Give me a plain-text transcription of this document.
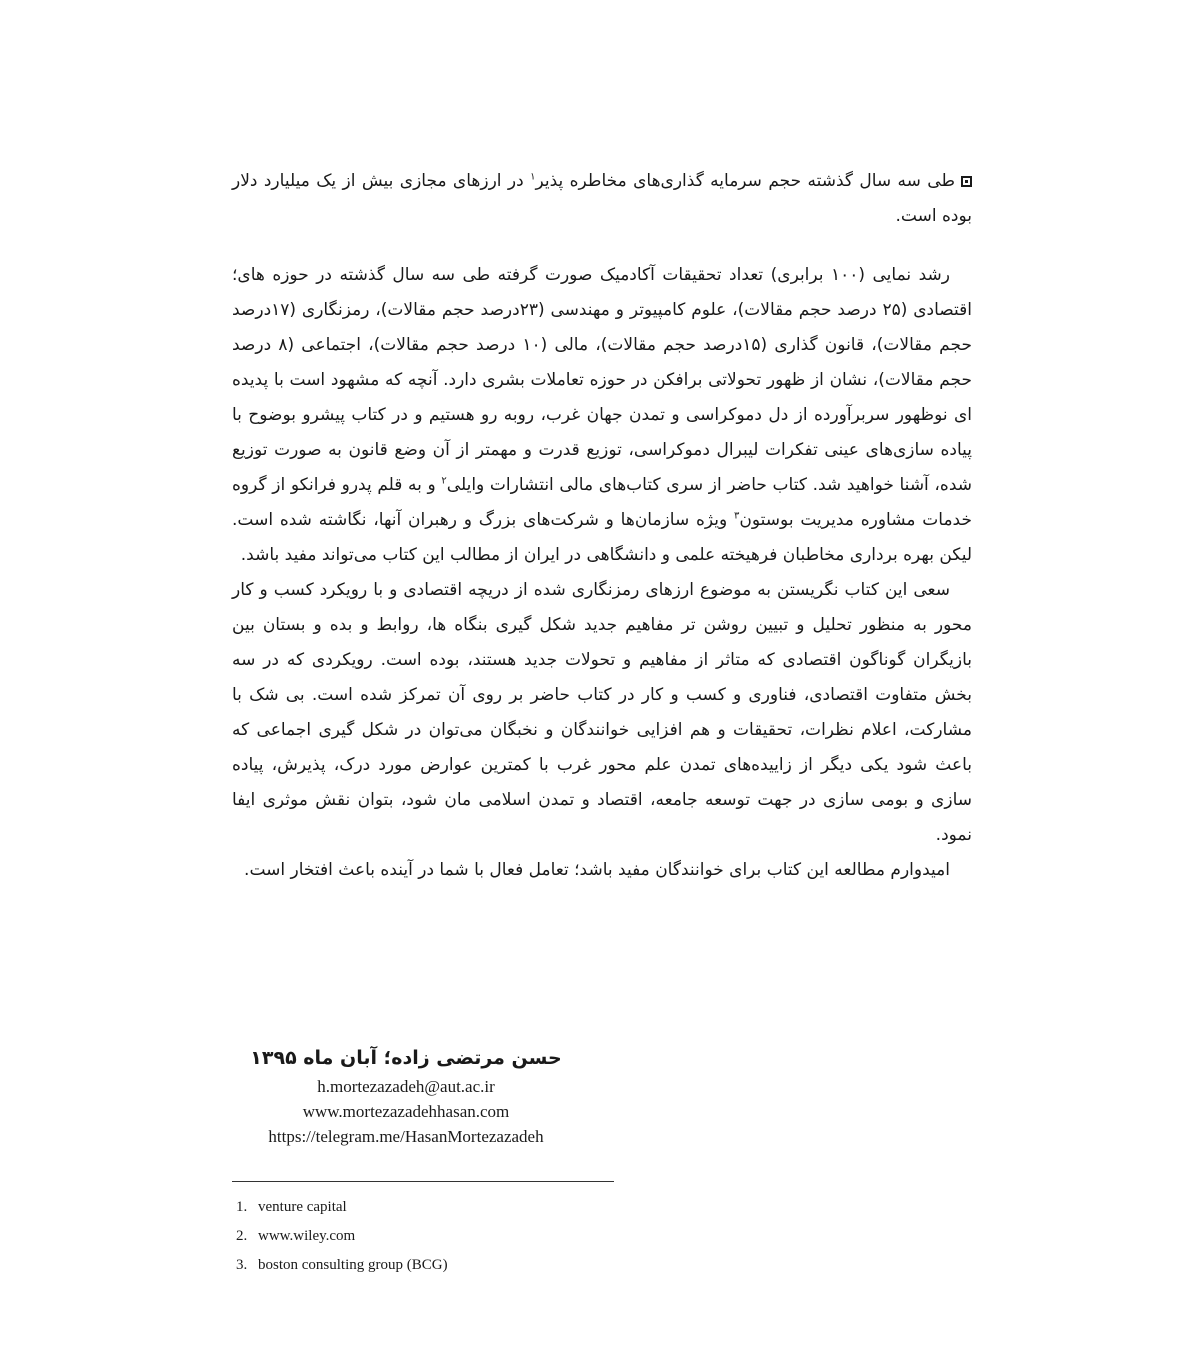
طی سه سال گذشته حجم سرمایه گذاری‌های مخاطره پذیر$^۱$ در ارزهای مجازی بیش از یک میلیارد دلار بوده است.

رشد نمایی (۱۰۰ برابری) تعداد تحقیقات آکادمیک صورت گرفته طی سه سال گذشته در حوزه های؛ اقتصادی (۲۵ درصد حجم مقالات)، علوم کامپیوتر و مهندسی (۲۳درصد حجم مقالات)، رمزنگاری (۱۷درصد حجم مقالات)، قانون گذاری (۱۵درصد حجم مقالات)، مالی (۱۰ درصد حجم مقالات)، اجتماعی (۸ درصد حجم مقالات)، نشان از ظهور تحولاتی برافکن در حوزه تعاملات بشری دارد. آنچه که مشهود است با پدیده ای نوظهور سربرآورده از دل دموکراسی و تمدن جهان غرب، روبه رو هستیم و در کتاب پیشرو بوضوح با پیاده سازی‌های عینی تفکرات لیبرال دموکراسی، توزیع قدرت و مهمتر از آن وضع قانون به صورت توزیع شده، آشنا خواهید شد. کتاب حاضر از سری کتاب‌های مالی انتشارات وایلی$^۲$ و به قلم پدرو فرانکو از گروه خدمات مشاوره مدیریت بوستون$^۳$ ویژه سازمان‌ها و شرکت‌های بزرگ و رهبران آنها، نگاشته شده است. لیکن بهره برداری مخاطبان فرهیخته علمی و دانشگاهی در ایران از مطالب این کتاب می‌تواند مفید باشد.

سعی این کتاب نگریستن به موضوع ارزهای رمزنگاری شده از دریچه اقتصادی و با رویکرد کسب و کار محور به منظور تحلیل و تبیین روشن تر مفاهیم جدید شکل گیری بنگاه ها، روابط و بده و بستان بین بازیگران گوناگون اقتصادی که متاثر از مفاهیم و تحولات جدید هستند، بوده است. رویکردی که در سه بخش متفاوت اقتصادی، فناوری و کسب و کار در کتاب حاضر بر روی آن تمرکز شده است. بی شک با مشارکت، اعلام نظرات، تحقیقات و هم افزایی خوانندگان و نخبگان می‌توان در شکل گیری اجماعی که باعث شود یکی دیگر از زاییده‌های تمدن علم محور غرب با کمترین عوارض مورد درک، پذیرش، پیاده سازی و بومی سازی در جهت توسعه جامعه، اقتصاد و تمدن اسلامی مان شود، بتوان نقش موثری ایفا نمود.

امیدوارم مطالعه این کتاب برای خوانندگان مفید باشد؛ تعامل فعال با شما در آینده باعث افتخار است.

حسن مرتضی زاده؛ آبان ماه ۱۳۹۵

h.mortezazadeh@aut.ac.ir

www.mortezazadehhasan.com

https://telegram.me/HasanMortezazadeh

1. venture capital

2. www.wiley.com

3. boston consulting group (BCG)
